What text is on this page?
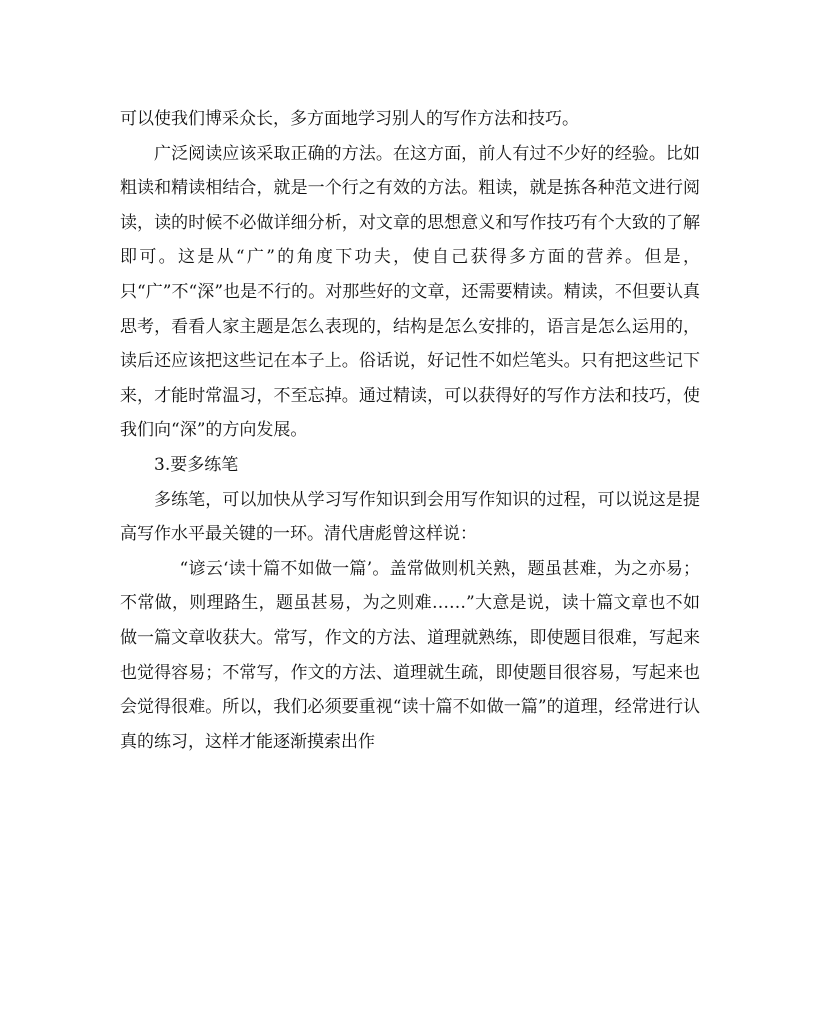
可以使我们博采众长，多方面地学习别人的写作方法和技巧。

广泛阅读应该采取正确的方法。在这方面，前人有过不少好的经验。比如粗读和精读相结合，就是一个行之有效的方法。粗读，就是拣各种范文进行阅读，读的时候不必做详细分析，对文章的思想意义和写作技巧有个大致的了解即可。这是从“广”的角度下功夫，使自己获得多方面的营养。但是，只“广”不“深”也是不行的。对那些好的文章，还需要精读。精读，不但要认真思考，看看人家主题是怎么表现的，结构是怎么安排的，语言是怎么运用的，读后还应该把这些记在本子上。俗话说，好记性不如烂笔头。只有把这些记下来，才能时常温习，不至忘掉。通过精读，可以获得好的写作方法和技巧，使我们向“深”的方向发展。

3.要多练笔

多练笔，可以加快从学习写作知识到会用写作知识的过程，可以说这是提高写作水平最关键的一环。清代唐彪曾这样说：

“谚云‘读十篇不如做一篇’。盖常做则机关熟，题虽甚难，为之亦易；不常做，则理路生，题虽甚易，为之则难……”大意是说，读十篇文章也不如做一篇文章收获大。常写，作文的方法、道理就熟练，即使题目很难，写起来也觉得容易；不常写，作文的方法、道理就生疏，即使题目很容易，写起来也会觉得很难。所以，我们必须要重视“读十篇不如做一篇”的道理，经常进行认真的练习，这样才能逐渐摸索出作
